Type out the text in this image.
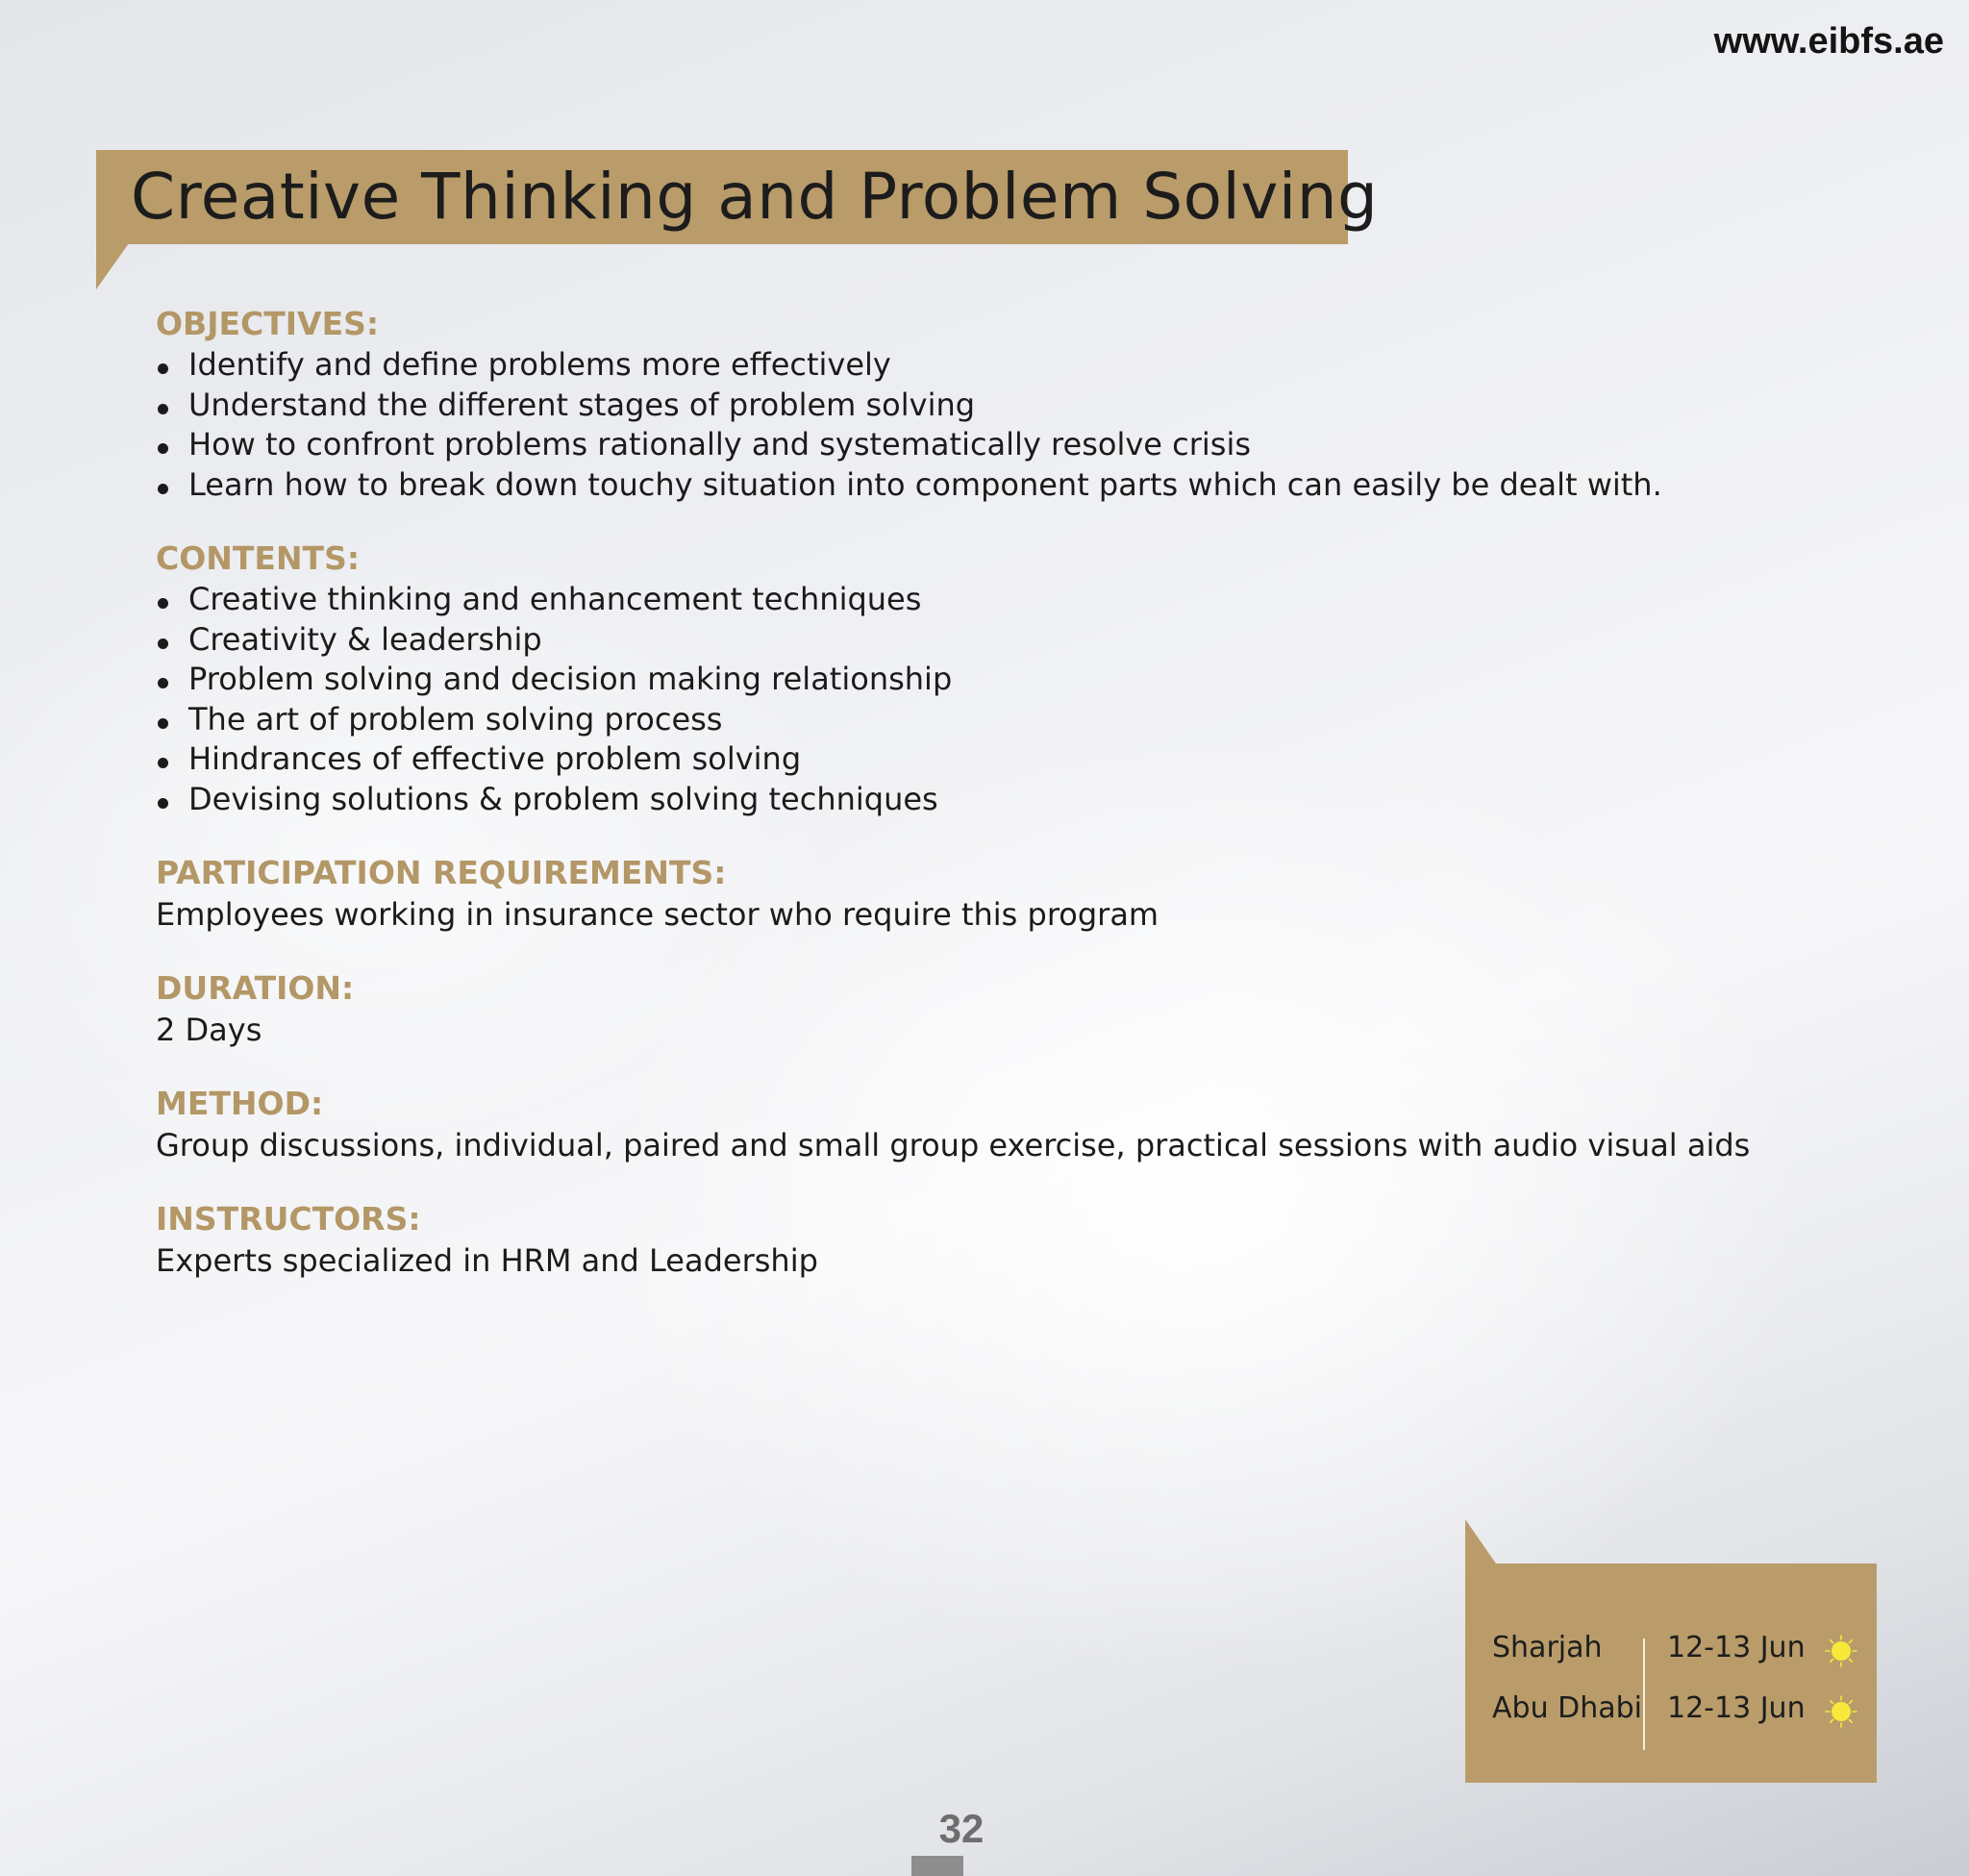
www.eibfs.ae
Creative Thinking and Problem Solving
OBJECTIVES:
Identify and define problems more effectively
Understand the different stages of problem solving
How to confront problems rationally and systematically resolve crisis
Learn how to break down touchy situation into component parts which can easily be dealt with.
CONTENTS:
Creative thinking and enhancement techniques
Creativity & leadership
Problem solving and decision making relationship
The art of problem solving process
Hindrances of effective problem solving
Devising solutions & problem solving techniques
PARTICIPATION REQUIREMENTS:
Employees working in insurance sector who require this program
DURATION:
2 Days
METHOD:
Group discussions, individual, paired and small group exercise, practical sessions with audio visual aids
INSTRUCTORS:
Experts specialized in HRM and Leadership
Sharjah 12-13 Jun
Abu Dhabi 12-13 Jun
32
